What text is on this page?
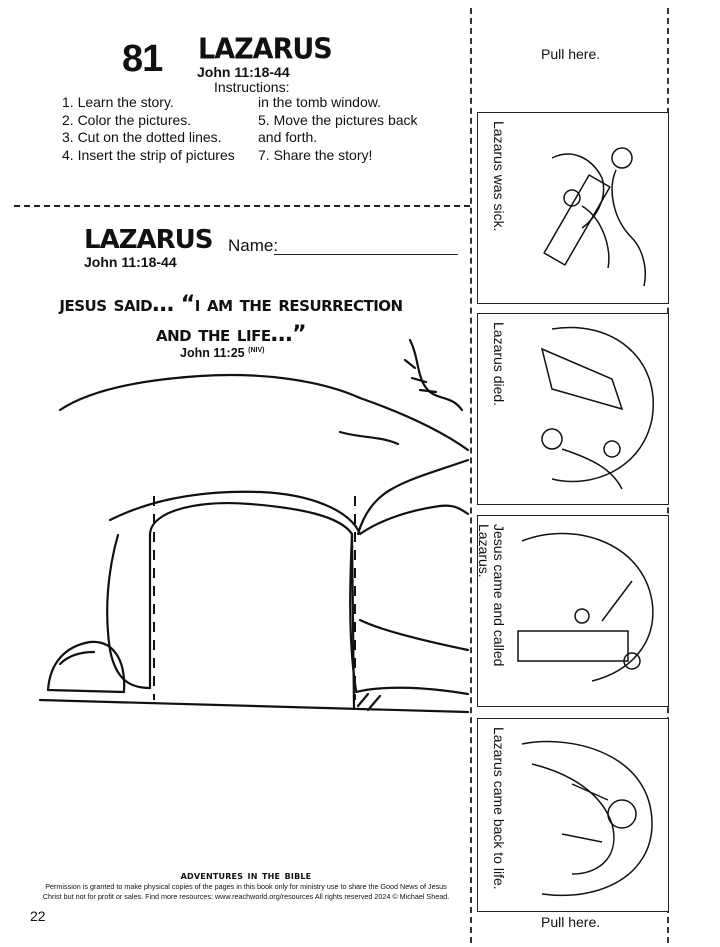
81 LAZARUS
John 11:18-44
Instructions:
1. Learn the story.
2. Color the pictures.
3. Cut on the dotted lines.
4. Insert the strip of pictures
in the tomb window.
5. Move the pictures back
and forth.
7. Share the story!
LAZARUS
John 11:18-44
Name:
jesus said… “i am the resurrection and the life…”
John 11:25 $^{(NIV)}$
Pull here.
Lazarus was sick.
Lazarus died.
Jesus came and called Lazarus.
Lazarus came back to life.
Pull here.
adventures in the bible
Permission is granted to make physical copies of the pages in this book only for ministry use to share the Good News of Jesus Christ but not for profit or sales. Find more resources: www.reachworld.org/resources All rights reserved 2024 © Michael Shead.
22
